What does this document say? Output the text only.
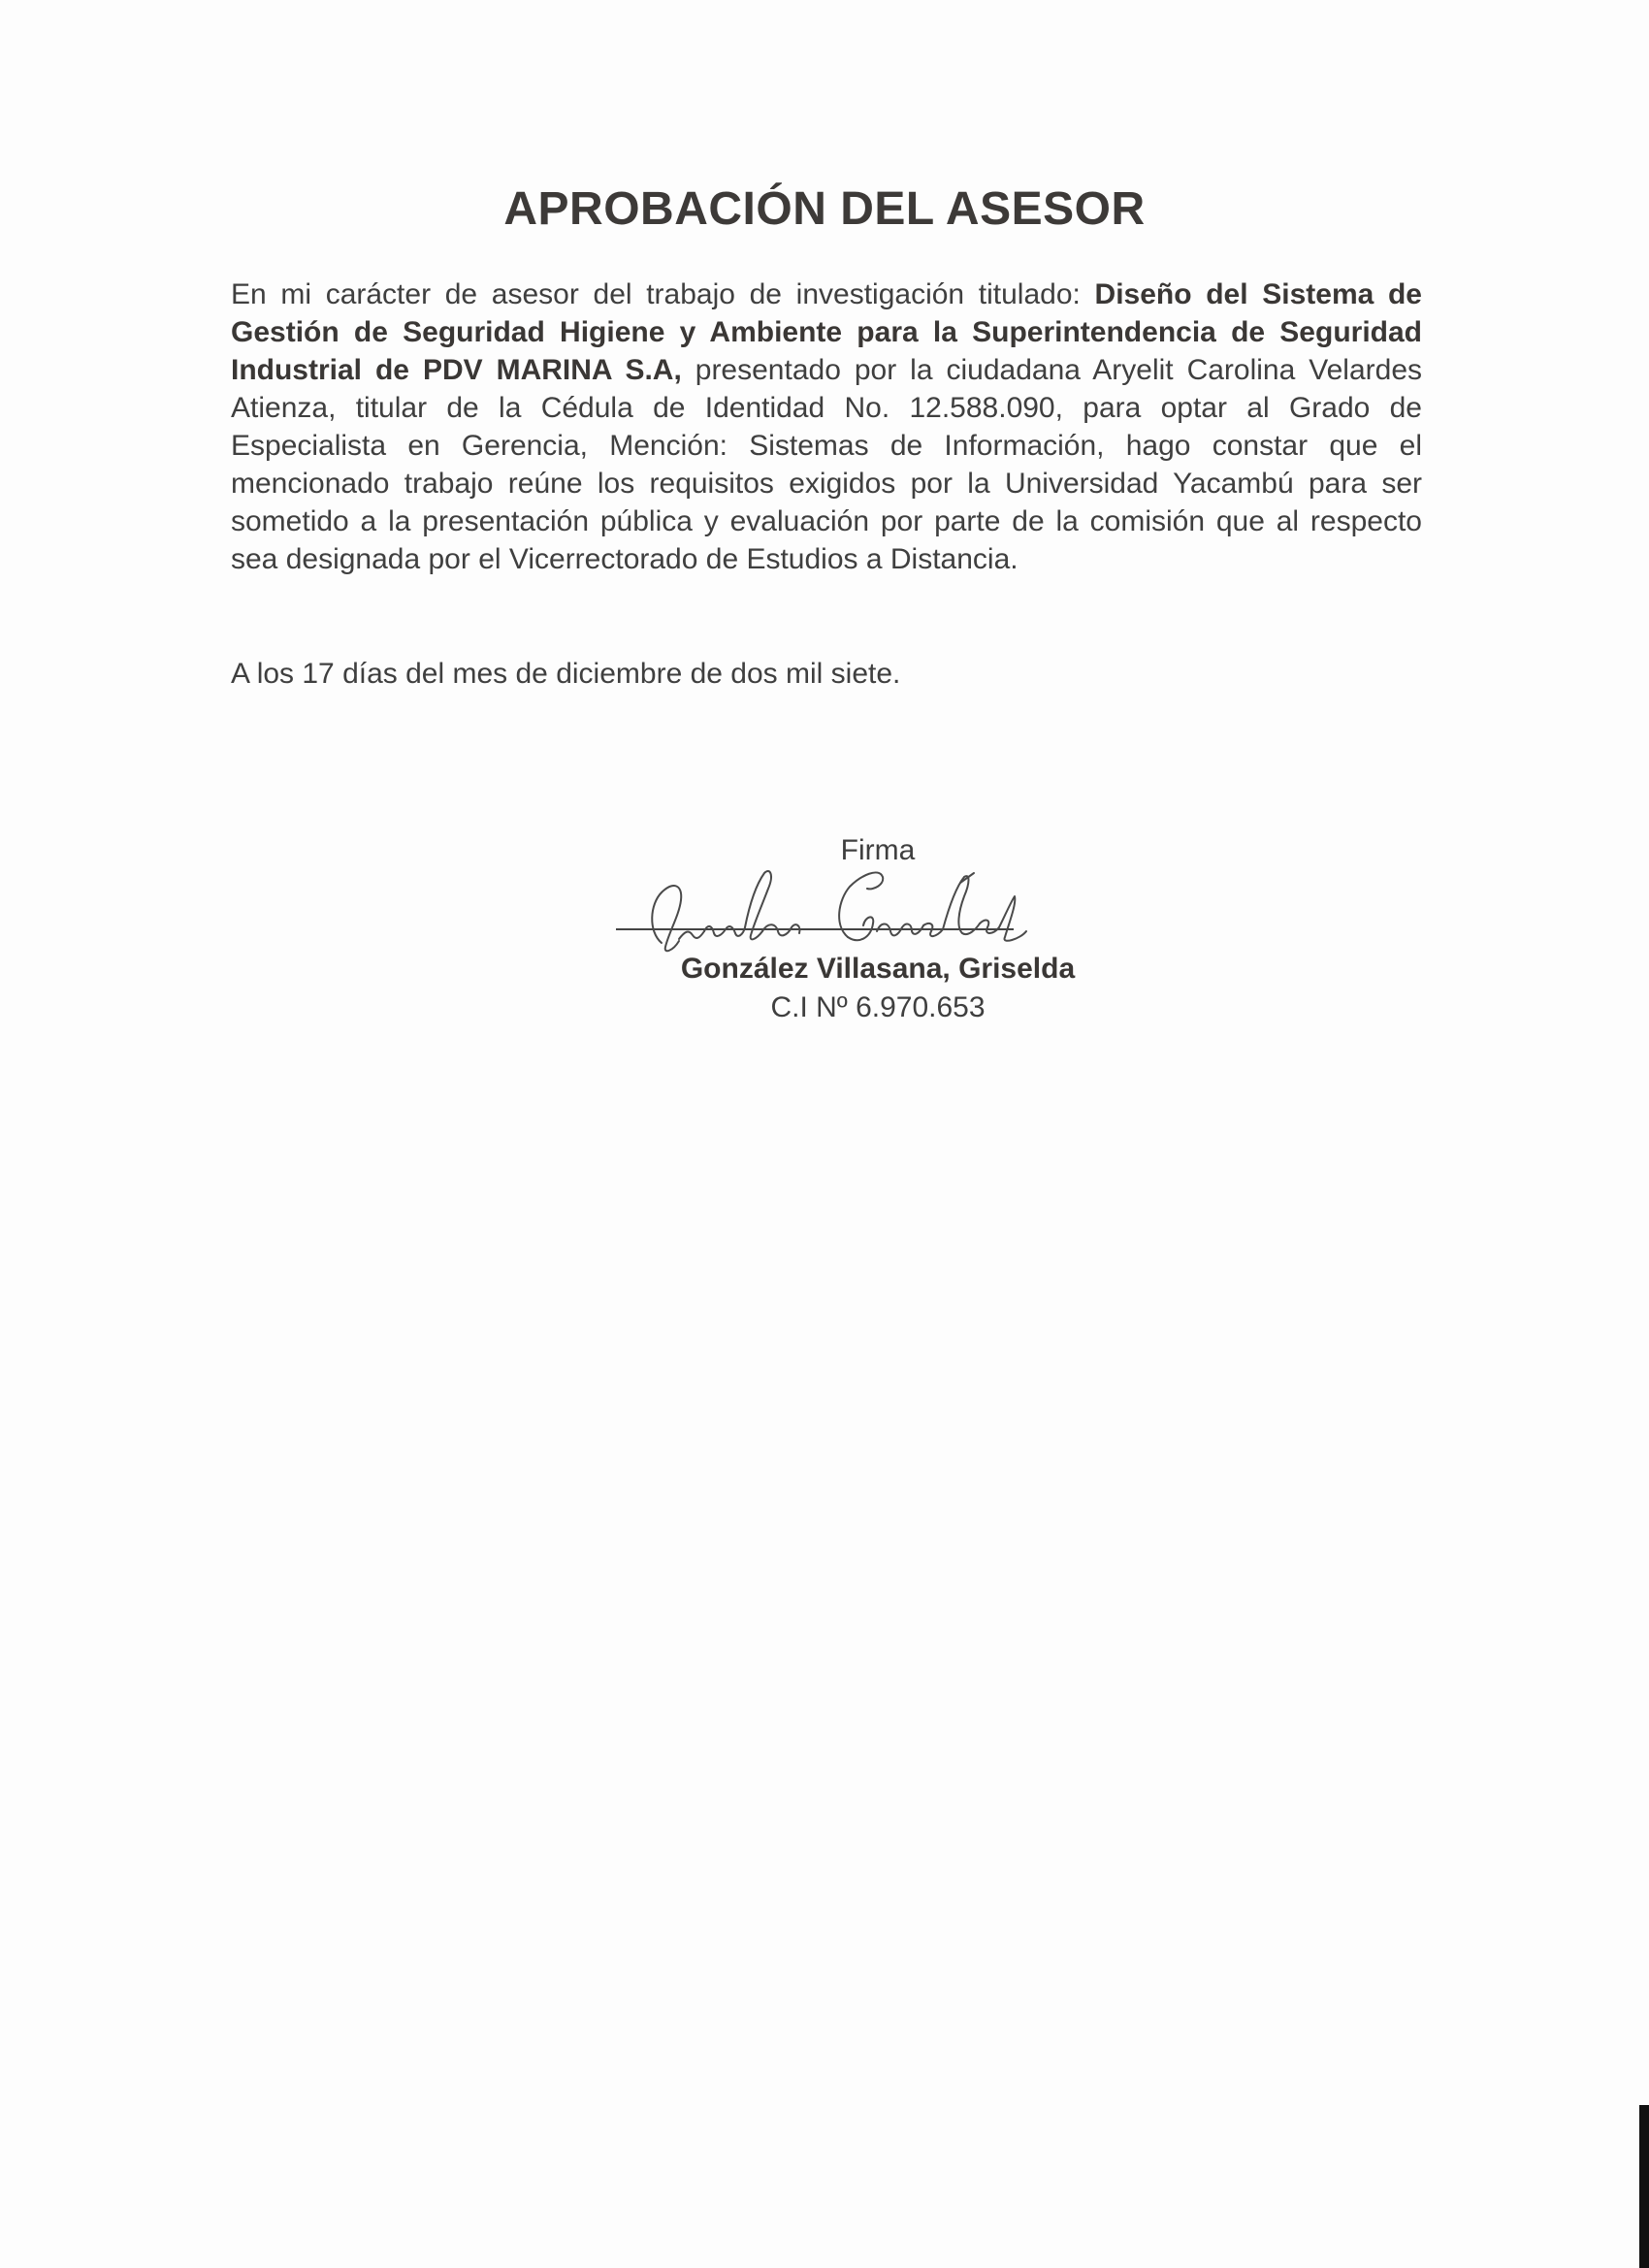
APROBACIÓN DEL ASESOR

En mi carácter de asesor del trabajo de investigación titulado: Diseño del Sistema de Gestión de Seguridad Higiene y Ambiente para la Superintendencia de Seguridad Industrial de PDV MARINA S.A, presentado por la ciudadana Aryelit Carolina Velardes Atienza, titular de la Cédula de Identidad No. 12.588.090, para optar al Grado de Especialista en Gerencia, Mención: Sistemas de Información, hago constar que el mencionado trabajo reúne los requisitos exigidos por la Universidad Yacambú para ser sometido a la presentación pública y evaluación por parte de la comisión que al respecto sea designada por el Vicerrectorado de Estudios a Distancia.

A los 17 días del mes de diciembre de dos mil siete.

Firma
González Villasana, Griselda
C.I Nº 6.970.653
